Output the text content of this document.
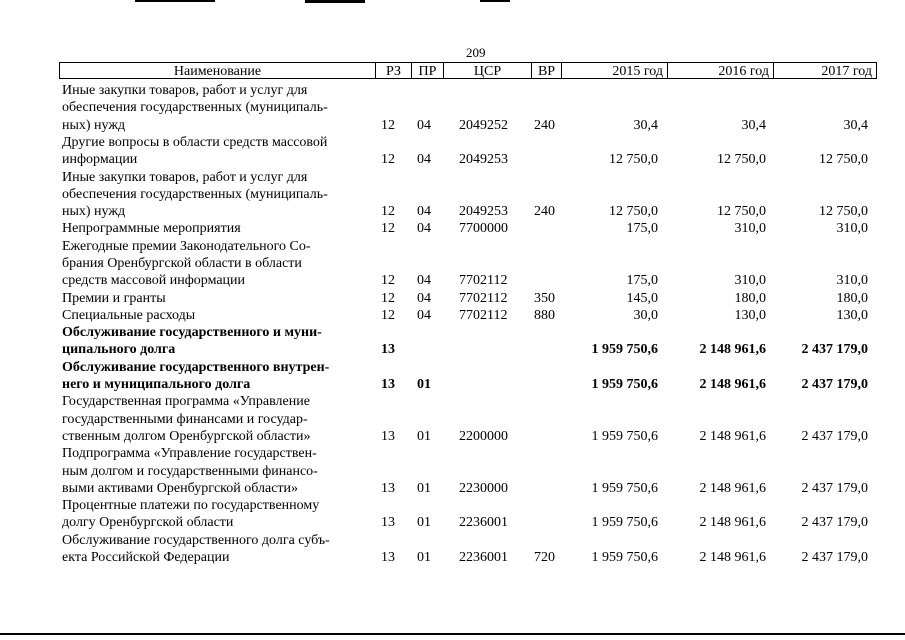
209
Наименование	РЗ	ПР	ЦСР	ВР	2015 год	2016 год	2017 год
Иные закупки товаров, работ и услуг для
обеспечения государственных (муниципаль-
ных) нужд	12 04 2049252 240	30,4	30,4	30,4
Другие вопросы в области средств массовой
информации	12 04 2049253	12 750,0	12 750,0	12 750,0
Иные закупки товаров, работ и услуг для
обеспечения государственных (муниципаль-
ных) нужд	12 04 2049253 240	12 750,0	12 750,0	12 750,0
Непрограммные мероприятия	12 04 7700000	175,0	310,0	310,0
Ежегодные премии Законодательного Со-
брания Оренбургской области в области
средств массовой информации	12 04 7702112	175,0	310,0	310,0
Премии и гранты	12 04 7702112 350	145,0	180,0	180,0
Специальные расходы	12 04 7702112 880	30,0	130,0	130,0
Обслуживание государственного и муни-
ципального долга	13	1 959 750,6	2 148 961,6	2 437 179,0
Обслуживание государственного внутрен-
него и муниципального долга	13 01	1 959 750,6	2 148 961,6	2 437 179,0
Государственная программа «Управление
государственными финансами и государ-
ственным долгом Оренбургской области»	13 01 2200000	1 959 750,6	2 148 961,6	2 437 179,0
Подпрограмма «Управление государствен-
ным долгом и государственными финансо-
выми активами Оренбургской области»	13 01 2230000	1 959 750,6	2 148 961,6	2 437 179,0
Процентные платежи по государственному
долгу Оренбургской области	13 01 2236001	1 959 750,6	2 148 961,6	2 437 179,0
Обслуживание государственного долга субъ-
екта Российской Федерации	13 01 2236001 720	1 959 750,6	2 148 961,6	2 437 179,0
